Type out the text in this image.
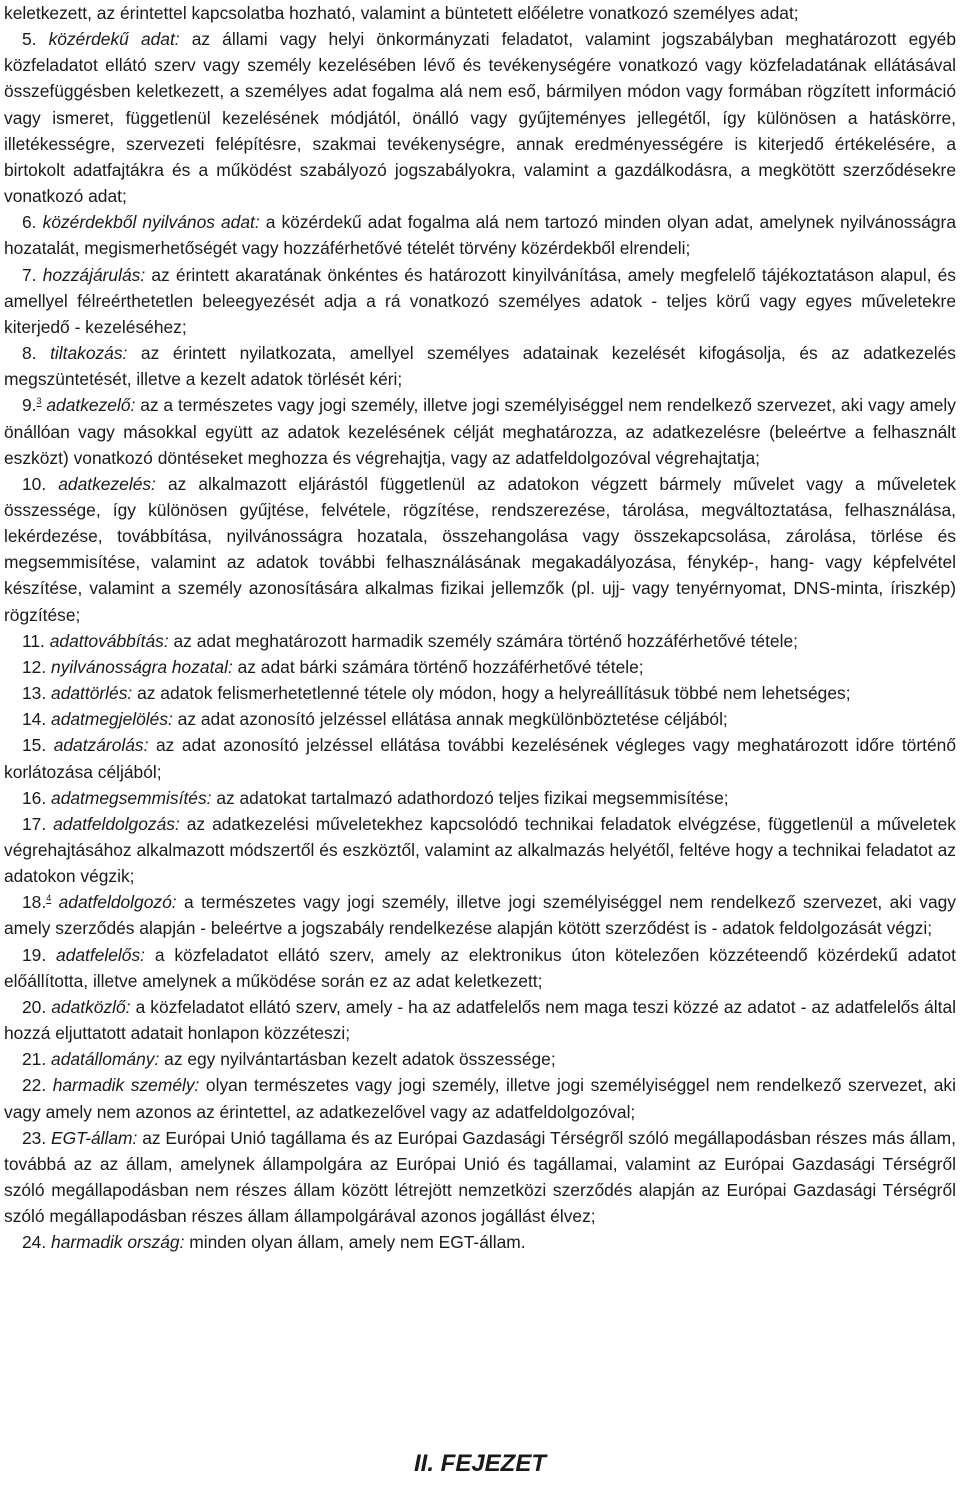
keletkezett, az érintettel kapcsolatba hozható, valamint a büntetett előéletre vonatkozó személyes adat;

5. közérdekű adat: az állami vagy helyi önkormányzati feladatot, valamint jogszabályban meghatározott egyéb közfeladatot ellátó szerv vagy személy kezelésében lévő és tevékenységére vonatkozó vagy közfeladatának ellátásával összefüggésben keletkezett, a személyes adat fogalma alá nem eső, bármilyen módon vagy formában rögzített információ vagy ismeret, függetlenül kezelésének módjától, önálló vagy gyűjteményes jellegétől, így különösen a hatáskörre, illetékességre, szervezeti felépítésre, szakmai tevékenységre, annak eredményességére is kiterjedő értékelésére, a birtokolt adatfajtákra és a működést szabályozó jogszabályokra, valamint a gazdálkodásra, a megkötött szerződésekre vonatkozó adat;

6. közérdekből nyilvános adat: a közérdekű adat fogalma alá nem tartozó minden olyan adat, amelynek nyilvánosságra hozatalát, megismerhetőségét vagy hozzáférhetővé tételét törvény közérdekből elrendeli;

7. hozzájárulás: az érintett akaratának önkéntes és határozott kinyilvánítása, amely megfelelő tájékoztatáson alapul, és amellyel félreérthetetlen beleegyezését adja a rá vonatkozó személyes adatok - teljes körű vagy egyes műveletekre kiterjedő - kezeléséhez;

8. tiltakozás: az érintett nyilatkozata, amellyel személyes adatainak kezelését kifogásolja, és az adatkezelés megszüntetését, illetve a kezelt adatok törlését kéri;

9.$^3$ adatkezelő: az a természetes vagy jogi személy, illetve jogi személyiséggel nem rendelkező szervezet, aki vagy amely önállóan vagy másokkal együtt az adatok kezelésének célját meghatározza, az adatkezelésre (beleértve a felhasznált eszközt) vonatkozó döntéseket meghozza és végrehajtja, vagy az adatfeldolgozóval végrehajtatja;

10. adatkezelés: az alkalmazott eljárástól függetlenül az adatokon végzett bármely művelet vagy a műveletek összessége, így különösen gyűjtése, felvétele, rögzítése, rendszerezése, tárolása, megváltoztatása, felhasználása, lekérdezése, továbbítása, nyilvánosságra hozatala, összehangolása vagy összekapcsolása, zárolása, törlése és megsemmisítése, valamint az adatok további felhasználásának megakadályozása, fénykép-, hang- vagy képfelvétel készítése, valamint a személy azonosítására alkalmas fizikai jellemzők (pl. ujj- vagy tenyérnyomat, DNS-minta, íriszkép) rögzítése;

11. adattovábbítás: az adat meghatározott harmadik személy számára történő hozzáférhetővé tétele;

12. nyilvánosságra hozatal: az adat bárki számára történő hozzáférhetővé tétele;

13. adattörlés: az adatok felismerhetetlenné tétele oly módon, hogy a helyreállításuk többé nem lehetséges;

14. adatmegjelölés: az adat azonosító jelzéssel ellátása annak megkülönböztetése céljából;

15. adatzárolás: az adat azonosító jelzéssel ellátása további kezelésének végleges vagy meghatározott időre történő korlátozása céljából;

16. adatmegsemmisítés: az adatokat tartalmazó adathordozó teljes fizikai megsemmisítése;

17. adatfeldolgozás: az adatkezelési műveletekhez kapcsolódó technikai feladatok elvégzése, függetlenül a műveletek végrehajtásához alkalmazott módszertől és eszköztől, valamint az alkalmazás helyétől, feltéve hogy a technikai feladatot az adatokon végzik;

18.$^4$ adatfeldolgozó: a természetes vagy jogi személy, illetve jogi személyiséggel nem rendelkező szervezet, aki vagy amely szerződés alapján - beleértve a jogszabály rendelkezése alapján kötött szerződést is - adatok feldolgozását végzi;

19. adatfelelős: a közfeladatot ellátó szerv, amely az elektronikus úton kötelezően közzéteendő közérdekű adatot előállította, illetve amelynek a működése során ez az adat keletkezett;

20. adatközlő: a közfeladatot ellátó szerv, amely - ha az adatfelelős nem maga teszi közzé az adatot - az adatfelelős által hozzá eljuttatott adatait honlapon közzéteszi;

21. adatállomány: az egy nyilvántartásban kezelt adatok összessége;

22. harmadik személy: olyan természetes vagy jogi személy, illetve jogi személyiséggel nem rendelkező szervezet, aki vagy amely nem azonos az érintettel, az adatkezelővel vagy az adatfeldolgozóval;

23. EGT-állam: az Európai Unió tagállama és az Európai Gazdasági Térségről szóló megállapodásban részes más állam, továbbá az az állam, amelynek állampolgára az Európai Unió és tagállamai, valamint az Európai Gazdasági Térségről szóló megállapodásban nem részes állam között létrejött nemzetközi szerződés alapján az Európai Gazdasági Térségről szóló megállapodásban részes állam állampolgárával azonos jogállást élvez;

24. harmadik ország: minden olyan állam, amely nem EGT-állam.

II. FEJEZET
